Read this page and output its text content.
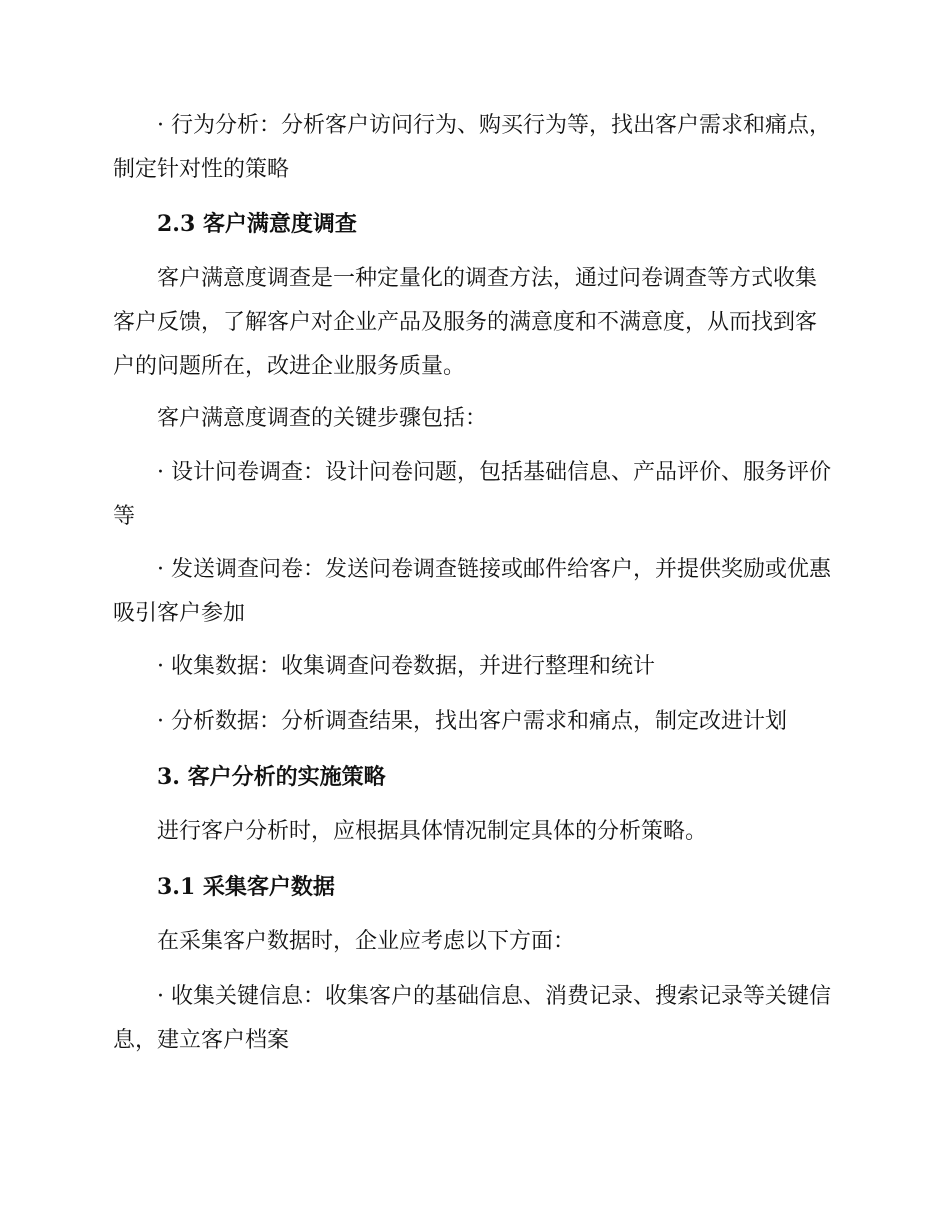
· 行为分析：分析客户访问行为、购买行为等，找出客户需求和痛点，制定针对性的策略

2.3 客户满意度调查

客户满意度调查是一种定量化的调查方法，通过问卷调查等方式收集客户反馈，了解客户对企业产品及服务的满意度和不满意度，从而找到客户的问题所在，改进企业服务质量。

客户满意度调查的关键步骤包括：

· 设计问卷调查：设计问卷问题，包括基础信息、产品评价、服务评价等

· 发送调查问卷：发送问卷调查链接或邮件给客户，并提供奖励或优惠吸引客户参加

· 收集数据：收集调查问卷数据，并进行整理和统计

· 分析数据：分析调查结果，找出客户需求和痛点，制定改进计划

3. 客户分析的实施策略

进行客户分析时，应根据具体情况制定具体的分析策略。

3.1 采集客户数据

在采集客户数据时，企业应考虑以下方面：

· 收集关键信息：收集客户的基础信息、消费记录、搜索记录等关键信息，建立客户档案
